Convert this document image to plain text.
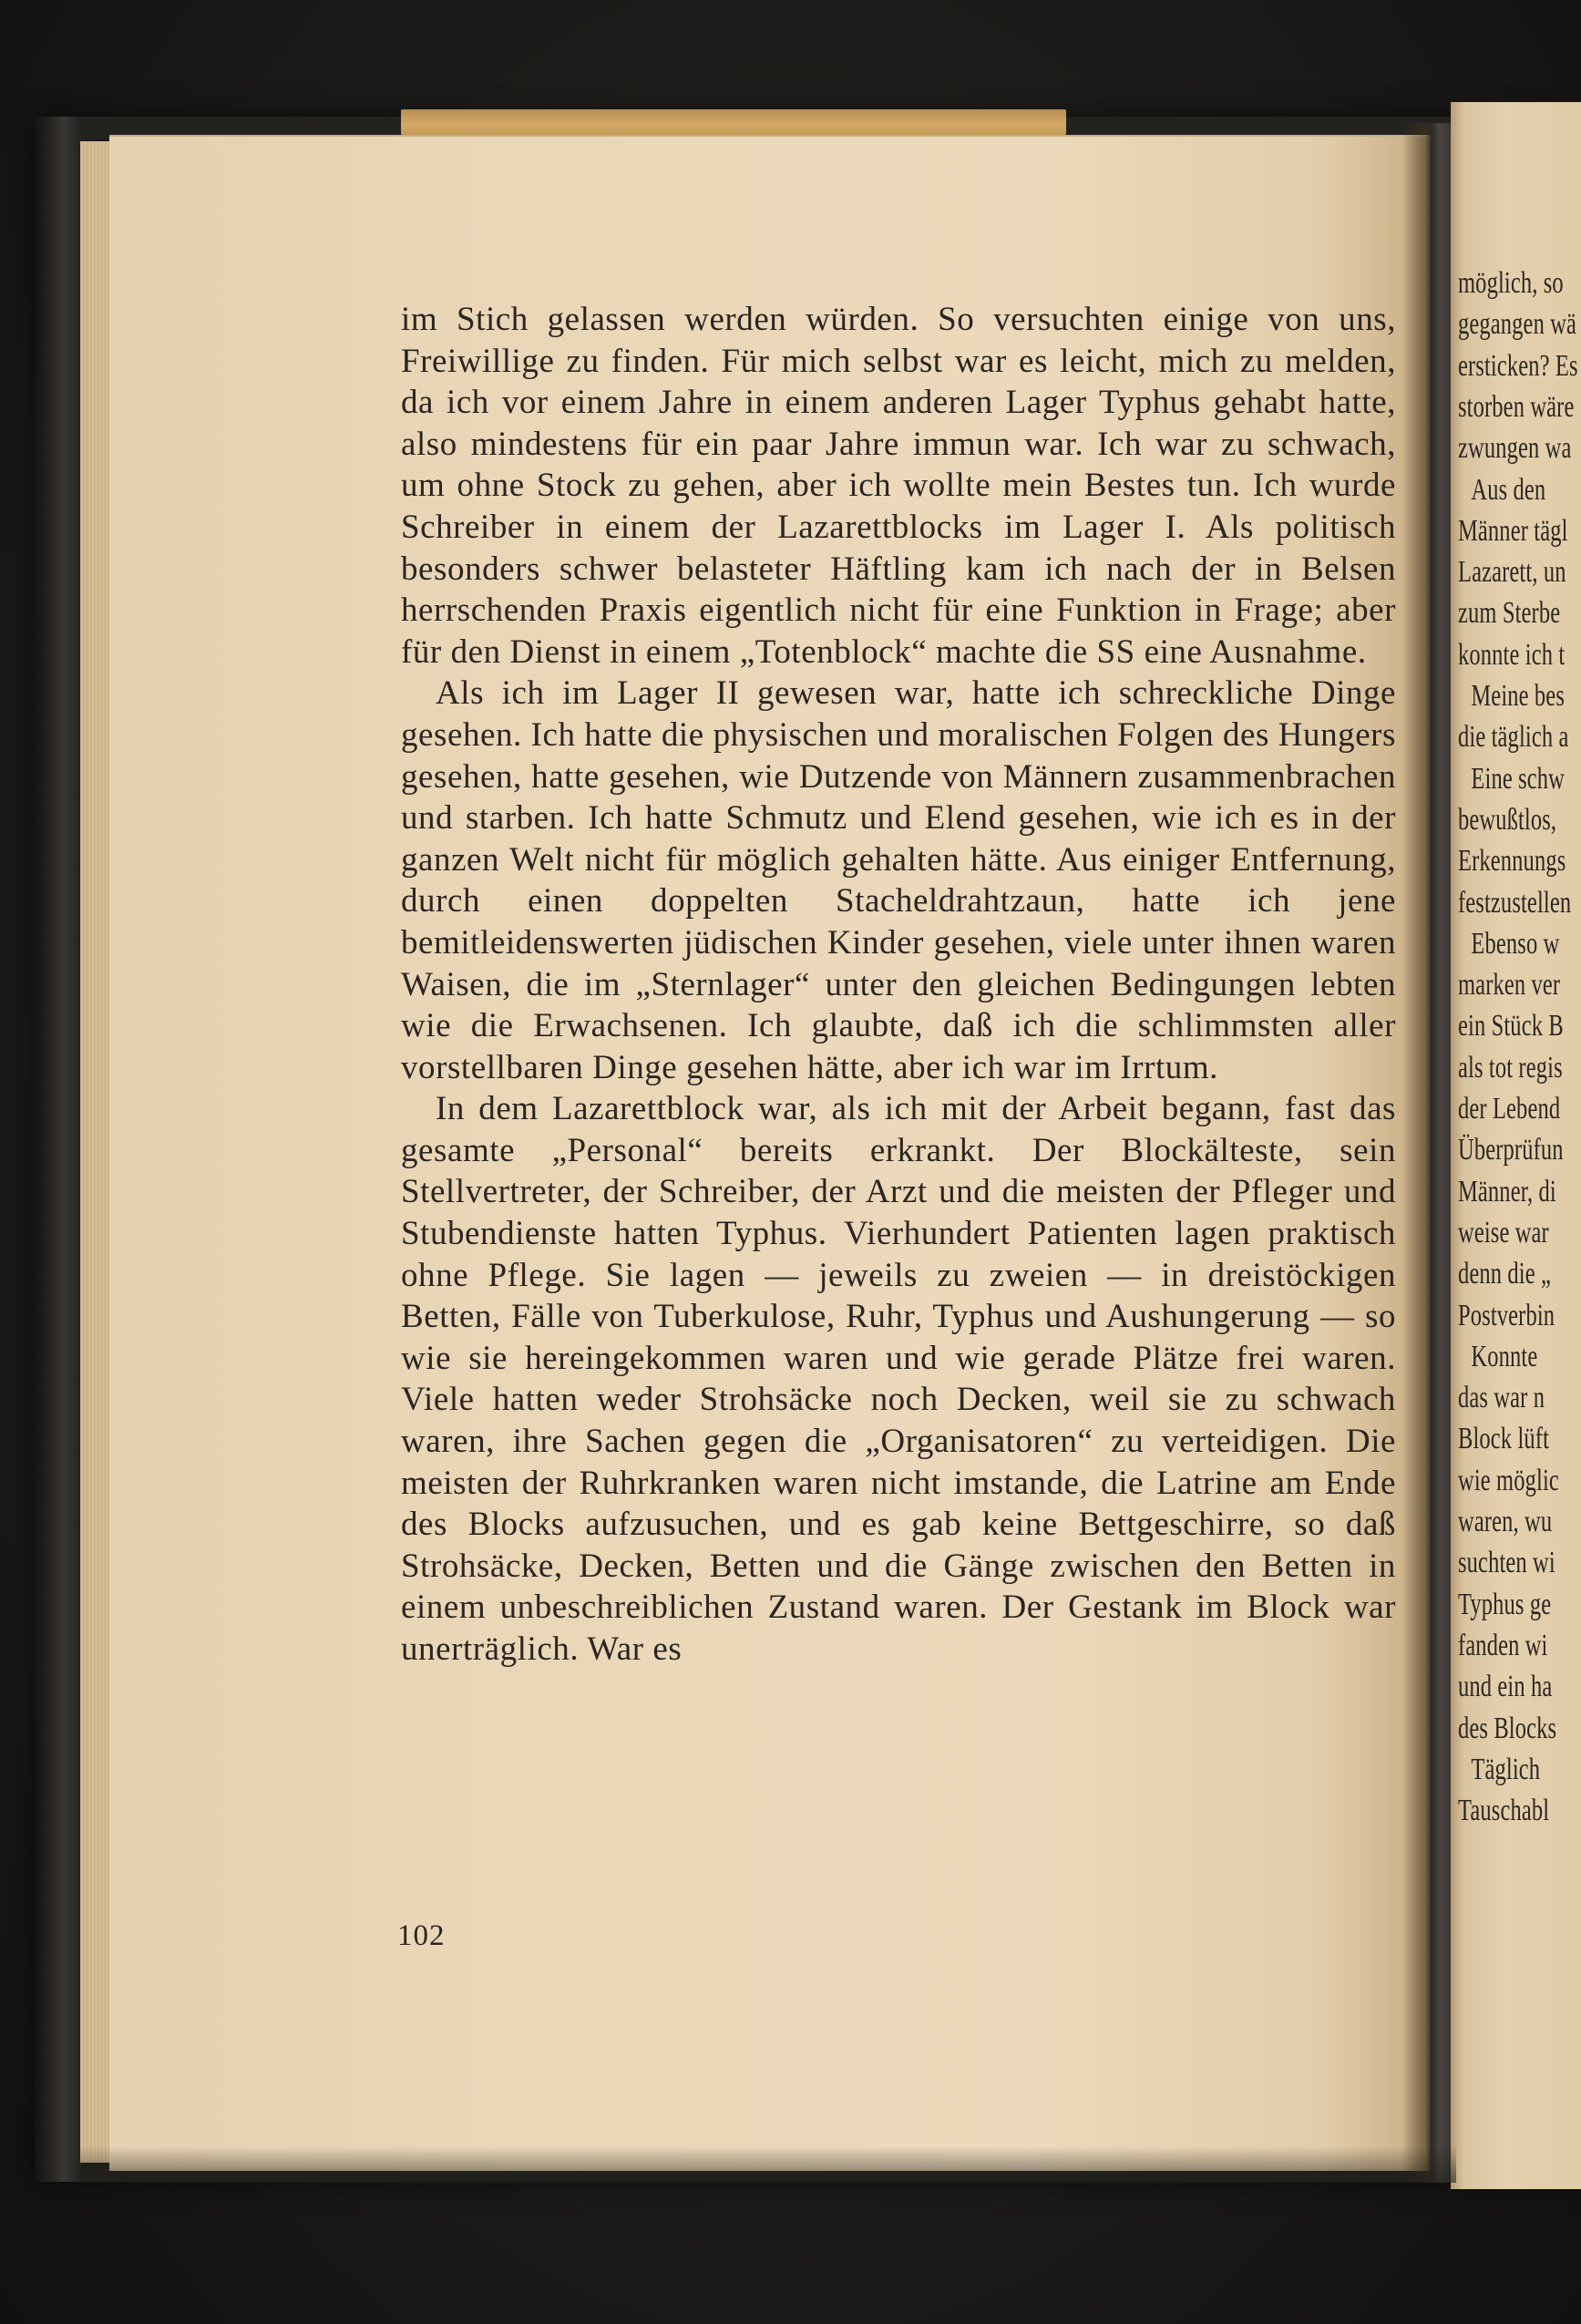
im Stich gelassen werden würden. So versuchten einige von uns, Freiwillige zu finden. Für mich selbst war es leicht, mich zu melden, da ich vor einem Jahre in einem anderen Lager Typhus gehabt hatte, also mindestens für ein paar Jahre immun war. Ich war zu schwach, um ohne Stock zu gehen, aber ich wollte mein Bestes tun. Ich wurde Schreiber in einem der Lazarettblocks im Lager I. Als politisch besonders schwer belasteter Häftling kam ich nach der in Belsen herrschenden Praxis eigentlich nicht für eine Funktion in Frage; aber für den Dienst in einem „Totenblock“ machte die SS eine Ausnahme.

Als ich im Lager II gewesen war, hatte ich schreckliche Dinge gesehen. Ich hatte die physischen und moralischen Folgen des Hungers gesehen, hatte gesehen, wie Dutzende von Männern zusammenbrachen und starben. Ich hatte Schmutz und Elend gesehen, wie ich es in der ganzen Welt nicht für möglich gehalten hätte. Aus einiger Entfernung, durch einen doppelten Stacheldrahtzaun, hatte ich jene bemitleidenswerten jüdischen Kinder gesehen, viele unter ihnen waren Waisen, die im „Sternlager“ unter den gleichen Bedingungen lebten wie die Erwachsenen. Ich glaubte, daß ich die schlimmsten aller vorstellbaren Dinge gesehen hätte, aber ich war im Irrtum.

In dem Lazarettblock war, als ich mit der Arbeit begann, fast das gesamte „Personal“ bereits erkrankt. Der Blockälteste, sein Stellvertreter, der Schreiber, der Arzt und die meisten der Pfleger und Stubendienste hatten Typhus. Vierhundert Patienten lagen praktisch ohne Pflege. Sie lagen — jeweils zu zweien — in dreistöckigen Betten, Fälle von Tuberkulose, Ruhr, Typhus und Aushungerung — so wie sie hereingekommen waren und wie gerade Plätze frei waren. Viele hatten weder Strohsäcke noch Decken, weil sie zu schwach waren, ihre Sachen gegen die „Organisatoren“ zu verteidigen. Die meisten der Ruhrkranken waren nicht imstande, die Latrine am Ende des Blocks aufzusuchen, und es gab keine Bettgeschirre, so daß Strohsäcke, Decken, Betten und die Gänge zwischen den Betten in einem unbeschreiblichen Zustand waren. Der Gestank im Block war unerträglich. War es

102
möglich, so
gegangen wä
ersticken? Es
storben wäre
zwungen wa
Aus den
Männer tägl
Lazarett, un
zum Sterbe
konnte ich t
Meine bes
die täglich a
Eine schw
bewußtlos,
Erkennungs
festzustellen
Ebenso w
marken ver
ein Stück B
als tot regis
der Lebend
Überprüfun
Männer, di
weise war
denn die „
Postverbin
Konnte
das war n
Block lüft
wie möglic
waren, wu
suchten wi
Typhus ge
fanden wi
und ein ha
des Blocks
Täglich
Tauschabl
